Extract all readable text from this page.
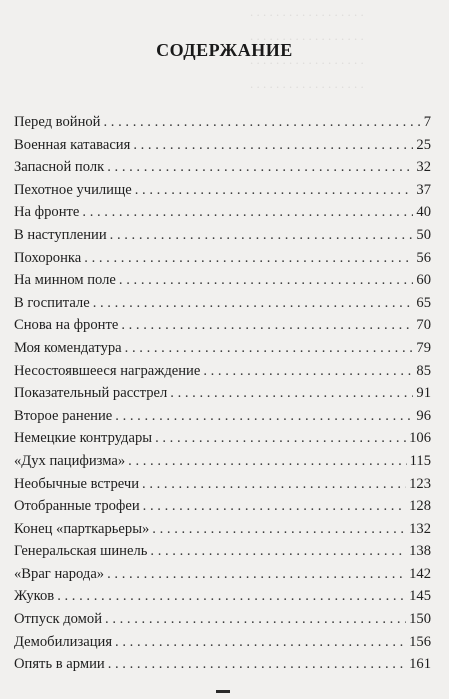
. . . . . . . . . . . . . . . . . .
. . . . . . . . . . . . . . . . . .
. . . . . . . . . . . . . . . . . .
. . . . . . . . . . . . . . . . . .
СОДЕРЖАНИЕ
Перед войной . . .	7
Военная катавасия . . .	25
Запасной полк . . .	32
Пехотное училище . . .	37
На фронте . . .	40
В наступлении . . .	50
Похоронка . . .	56
На минном поле . . .	60
В госпитале . . .	65
Снова на фронте . . .	70
Моя комендатура . . .	79
Несостоявшееся награждение . . .	85
Показательный расстрел . . .	91
Второе ранение . . .	96
Немецкие контрудары . . .	106
«Дух пацифизма» . . .	115
Необычные встречи . . .	123
Отобранные трофеи . . .	128
Конец «парткарьеры» . . .	132
Генеральская шинель . . .	138
«Враг народа» . . .	142
Жуков . . .	145
Отпуск домой . . .	150
Демобилизация . . .	156
Опять в армии . . .	161
